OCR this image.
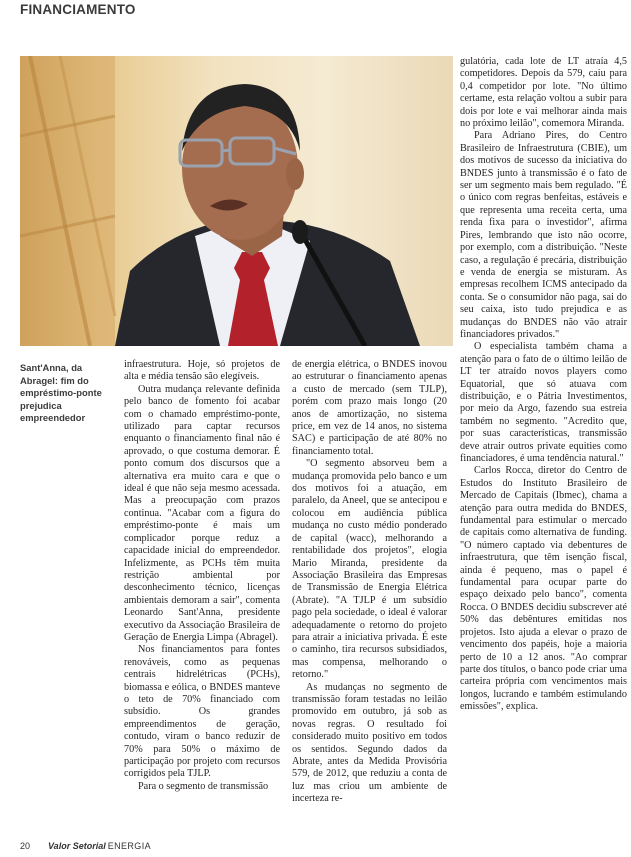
FINANCIAMENTO
Sant'Anna, da Abragel: fim do empréstimo-ponte prejudica empreendedor

infraestrutura. Hoje, só projetos de alta e média tensão são elegíveis.

Outra mudança relevante definida pelo banco de fomento foi acabar com o chamado empréstimo-ponte, utilizado para captar recursos enquanto o financiamento final não é aprovado, o que costuma demorar. É ponto comum dos discursos que a alternativa era muito cara e que o ideal é que não seja mesmo acessada. Mas a preocupação com prazos continua. "Acabar com a figura do empréstimo-ponte é mais um complicador porque reduz a capacidade inicial do empreendedor. Infelizmente, as PCHs têm muita restrição ambiental por desconhecimento técnico, licenças ambientais demoram a sair", comenta Leonardo Sant'Anna, presidente executivo da Associação Brasileira de Geração de Energia Limpa (Abragel).

Nos financiamentos para fontes renováveis, como as pequenas centrais hidrelétricas (PCHs), biomassa e eólica, o BNDES manteve o teto de 70% financiado com subsídio. Os grandes empreendimentos de geração, contudo, viram o banco reduzir de 70% para 50% o máximo de participação por projeto com recursos corrigidos pela TJLP.

Para o segmento de transmissão

de energia elétrica, o BNDES inovou ao estruturar o financiamento apenas a custo de mercado (sem TJLP), porém com prazo mais longo (20 anos de amortização, no sistema price, em vez de 14 anos, no sistema SAC) e participação de até 80% no financiamento total.

"O segmento absorveu bem a mudança promovida pelo banco e um dos motivos foi a atuação, em paralelo, da Aneel, que se antecipou e colocou em audiência pública mudança no custo médio ponderado de capital (wacc), melhorando a rentabilidade dos projetos", elogia Mario Miranda, presidente da Associação Brasileira das Empresas de Transmissão de Energia Elétrica (Abrate). "A TJLP é um subsídio pago pela sociedade, o ideal é valorar adequadamente o retorno do projeto para atrair a iniciativa privada. É este o caminho, tira recursos subsidiados, mas compensa, melhorando o retorno."

As mudanças no segmento de transmissão foram testadas no leilão promovido em outubro, já sob as novas regras. O resultado foi considerado muito positivo em todos os sentidos. Segundo dados da Abrate, antes da Medida Provisória 579, de 2012, que reduziu a conta de luz mas criou um ambiente de incerteza re-

gulatória, cada lote de LT atraía 4,5 competidores. Depois da 579, caiu para 0,4 competidor por lote. "No último certame, esta relação voltou a subir para dois por lote e vai melhorar ainda mais no próximo leilão", comemora Miranda.

Para Adriano Pires, do Centro Brasileiro de Infraestrutura (CBIE), um dos motivos de sucesso da iniciativa do BNDES junto à transmissão é o fato de ser um segmento mais bem regulado. "É o único com regras benfeitas, estáveis e que representa uma receita certa, uma renda fixa para o investidor", afirma Pires, lembrando que isto não ocorre, por exemplo, com a distribuição. "Neste caso, a regulação é precária, distribuição e venda de energia se misturam. As empresas recolhem ICMS antecipado da conta. Se o consumidor não paga, sai do seu caixa, isto tudo prejudica e as mudanças do BNDES não vão atrair financiadores privados."

O especialista também chama a atenção para o fato de o último leilão de LT ter atraído novos players como Equatorial, que só atuava com distribuição, e o Pátria Investimentos, por meio da Argo, fazendo sua estreia também no segmento. "Acredito que, por suas características, transmissão deve atrair outros private equities como financiadores, é uma tendência natural."

Carlos Rocca, diretor do Centro de Estudos do Instituto Brasileiro de Mercado de Capitais (Ibmec), chama a atenção para outra medida do BNDES, fundamental para estimular o mercado de capitais como alternativa de funding. "O número captado via debentures de infraestrutura, que têm isenção fiscal, ainda é pequeno, mas o papel é fundamental para ocupar parte do espaço deixado pelo banco", comenta Rocca. O BNDES decidiu subscrever até 50% das debêntures emitidas nos projetos. Isto ajuda a elevar o prazo de vencimento dos papéis, hoje a maioria perto de 10 a 12 anos. "Ao comprar parte dos títulos, o banco pode criar uma carteira própria com vencimentos mais longos, lucrando e também estimulando emissões", explica.

20 Valor Setorial ENERGIA
